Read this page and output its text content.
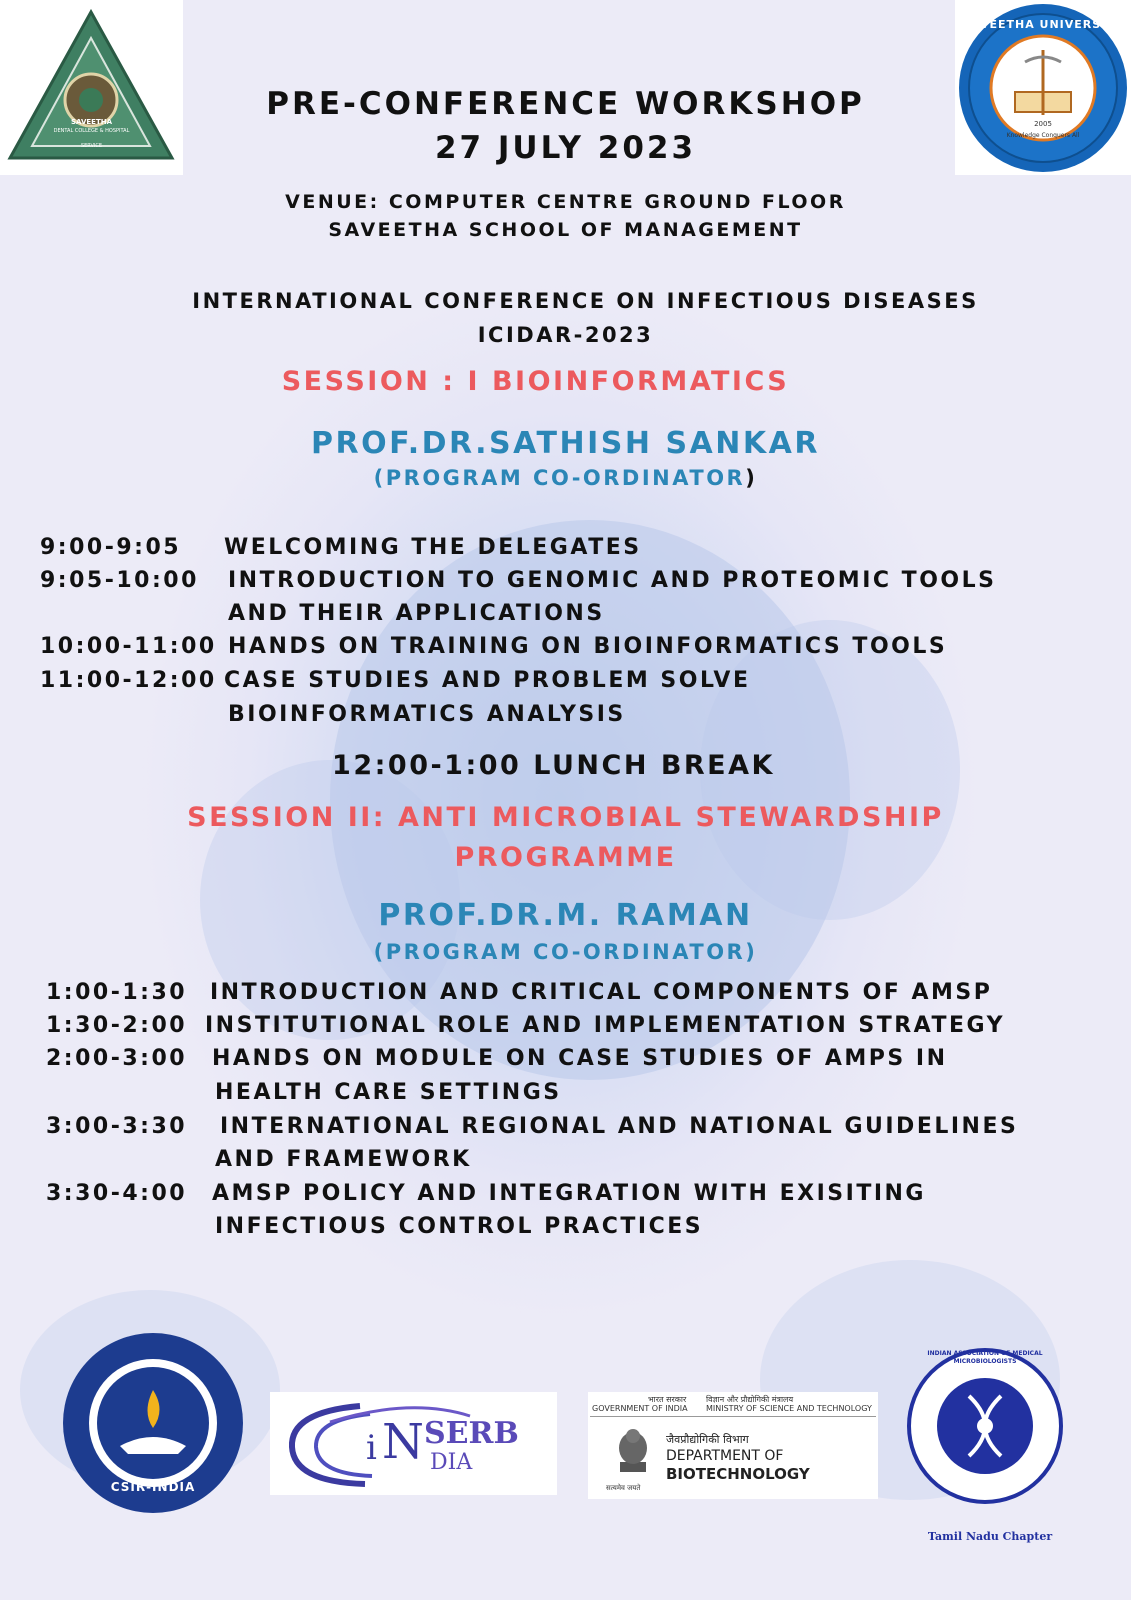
SAVEETHA
DENTAL COLLEGE & HOSPITAL
SERVICE
SAVEETHA UNIVERSITY
2005
Knowledge Conquers All
PRE-CONFERENCE WORKSHOP
27 JULY 2023
VENUE: COMPUTER CENTRE GROUND FLOOR
SAVEETHA SCHOOL OF MANAGEMENT
INTERNATIONAL CONFERENCE ON INFECTIOUS DISEASES
ICIDAR-2023
SESSION : I BIOINFORMATICS
PROF.DR.SATHISH SANKAR
(PROGRAM CO-ORDINATOR)
9:00-9:05 WELCOMING THE DELEGATES
9:05-10:00 INTRODUCTION TO GENOMIC AND PROTEOMIC TOOLS
AND THEIR APPLICATIONS
10:00-11:00 HANDS ON TRAINING ON BIOINFORMATICS TOOLS
11:00-12:00 CASE STUDIES AND PROBLEM SOLVE
BIOINFORMATICS ANALYSIS
12:00-1:00 LUNCH BREAK
SESSION II: ANTI MICROBIAL STEWARDSHIP
PROGRAMME
PROF.DR.M. RAMAN
(PROGRAM CO-ORDINATOR)
1:00-1:30 INTRODUCTION AND CRITICAL COMPONENTS OF AMSP
1:30-2:00 INSTITUTIONAL ROLE AND IMPLEMENTATION STRATEGY
2:00-3:00 HANDS ON MODULE ON CASE STUDIES OF AMPS IN
HEALTH CARE SETTINGS
3:00-3:30 INTERNATIONAL REGIONAL AND NATIONAL GUIDELINES
AND FRAMEWORK
3:30-4:00 AMSP POLICY AND INTEGRATION WITH EXISITING
INFECTIOUS CONTROL PRACTICES
CSIR-INDIA
i N SERB
DIA
भारत सरकार
GOVERNMENT OF INDIA
विज्ञान और प्रौद्योगिकी मंत्रालय
MINISTRY OF SCIENCE AND TECHNOLOGY
सत्यमेव जयते
जैवप्रौद्योगिकी विभाग
DEPARTMENT OF
BIOTECHNOLOGY
INDIAN ASSOCIATION OF MEDICAL MICROBIOLOGISTS
Tamil Nadu Chapter
